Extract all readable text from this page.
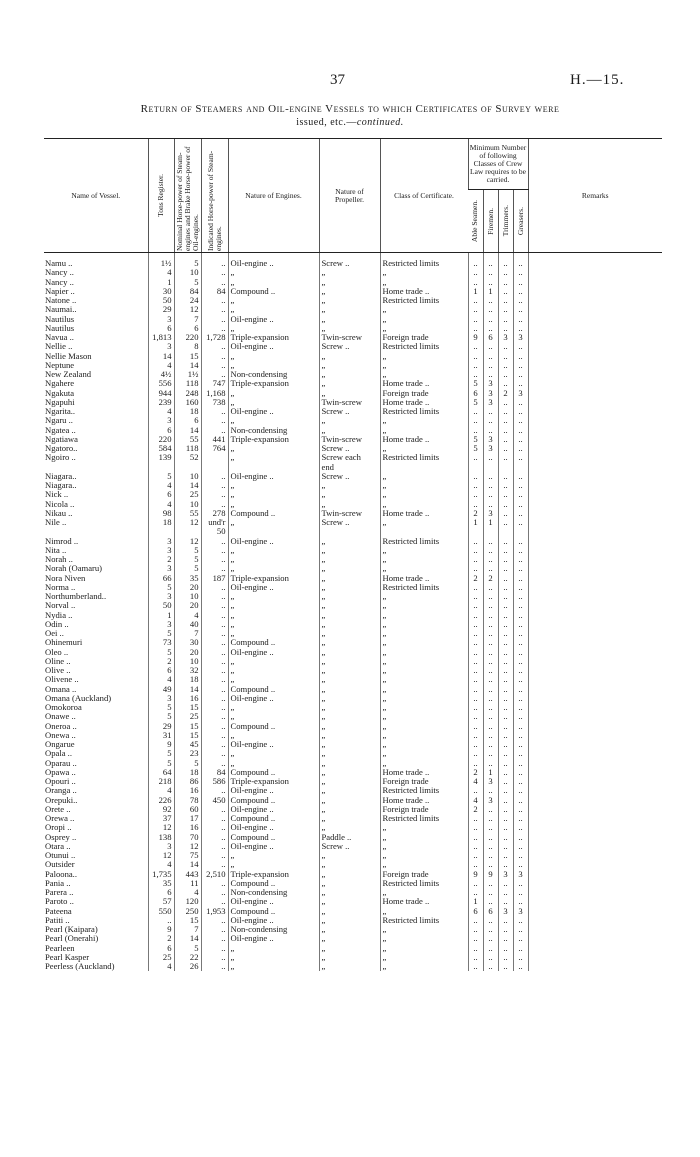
37	H.—15.
Return of Steamers and Oil-engine Vessels to which Certificates of Survey were
issued, etc.—continued.
Name of Vessel.	Tons Register.	Nominal Horse-power of Steam-engines and Brake Horse-power of Oil-engines.	Indicated Horse-power of Steam-engines.	Nature of Engines.	Nature of Propeller.	Class of Certificate.	Minimum Number of following Classes of Crew Law requires to be carried.				Remarks

							Able Seamen.	Firemen.	Trimmers.	Greasers.	

Namu ..	1½	5	..	Oil-engine ..	Screw ..	Restricted limits	..	..	..	..	
Nancy ..	4	10	..	„	„	„	..	..	..	..	
Nancy ..	1	5	..	„	„	„	..	..	..	..	
Napier ..	30	84	84	Compound ..	„	Home trade ..	1	1	..	..	
Natone ..	50	24	..	„	„	Restricted limits	..	..	..	..	
Naumai..	29	12	..	„	„	„	..	..	..	..	
Nautilus	3	7	..	Oil-engine ..	„	„	..	..	..	..	
Nautilus	6	6	..	„	„	„	..	..	..	..	
Navua ..	1,813	220	1,728	Triple-expansion	Twin-screw	Foreign trade	9	6	3	3	
Nellie ..	3	8	..	Oil-engine ..	Screw ..	Restricted limits	..	..	..	..	
Nellie Mason	14	15	..	„	„	„	..	..	..	..	
Neptune	4	14	..	„	„	„	..	..	..	..	
New Zealand	4½	1½	..	Non-condensing	„	„	..	..	..	..	
Ngahere	556	118	747	Triple-expansion	„	Home trade ..	5	3	..	..	
Ngakuta	944	248	1,168	„	„	Foreign trade	6	3	2	3	
Ngapuhi	239	160	738	„	Twin-screw	Home trade ..	5	3	..	..	
Ngarita..	4	18	..	Oil-engine ..	Screw ..	Restricted limits	..	..	..	..	
Ngaru ..	3	6	..	„	„	„	..	..	..	..	
Ngatea ..	6	14	..	Non-condensing	„	„	..	..	..	..	
Ngatiawa	220	55	441	Triple-expansion	Twin-screw	Home trade ..	5	3	..	..	
Ngatoro..	584	118	764	„	Screw ..	„	5	3	..	..	
Ngoiro ..	139	52		„	Screw each	Restricted limits	..	..	..	..	
					end						
Niagara..	5	10	..	Oil-engine ..	Screw ..	„	..	..	..	..	
Niagara..	4	14	..	„	„	„	..	..	..	..	
Nick ..	6	25	..	„	„	„	..	..	..	..	
Nicola ..	4	10	..	„	„	„	..	..	..	..	
Nikau ..	98	55	278	Compound ..	Twin-screw	Home trade ..	2	3	..	..	
Nile ..	18	12	und'r	„	Screw ..	„	1	1	..	..	
			50								
Nimrod ..	3	12	..	Oil-engine ..	„	Restricted limits	..	..	..	..	
Nita ..	3	5	..	„	„	„	..	..	..	..	
Norah ..	2	5	..	„	„	„	..	..	..	..	
Norah (Oamaru)	3	5	..	„	„	„	..	..	..	..	
Nora Niven	66	35	187	Triple-expansion	„	Home trade ..	2	2	..	..	
Norma ..	5	20	..	Oil-engine ..	„	Restricted limits	..	..	..	..	
Northumberland..	3	10	..	„	„	„	..	..	..	..	
Norval ..	50	20	..	„	„	„	..	..	..	..	
Nydia ..	1	4	..	„	„	„	..	..	..	..	
Odin ..	3	40	..	„	„	„	..	..	..	..	
Oei ..	5	7	..	„	„	„	..	..	..	..	
Ohinemuri	73	30	..	Compound ..	„	„	..	..	..	..	
Oleo ..	5	20	..	Oil-engine ..	„	„	..	..	..	..	
Oline ..	2	10	..	„	„	„	..	..	..	..	
Olive ..	6	32	..	„	„	„	..	..	..	..	
Olivene ..	4	18	..	„	„	„	..	..	..	..	
Omana ..	49	14	..	Compound ..	„	„	..	..	..	..	
Omana (Auckland)	3	16	..	Oil-engine ..	„	„	..	..	..	..	
Omokoroa	5	15	..	„	„	„	..	..	..	..	
Onawe ..	5	25	..	„	„	„	..	..	..	..	
Oneroa ..	29	15	..	Compound ..	„	„	..	..	..	..	
Onewa ..	31	15	..	„	„	„	..	..	..	..	
Ongarue	9	45	..	Oil-engine ..	„	„	..	..	..	..	
Opala ..	5	23	..	„	„	„	..	..	..	..	
Oparau ..	5	5	..	„	„	„	..	..	..	..	
Opawa ..	64	18	84	Compound ..	„	Home trade ..	2	1	..	..	
Opouri ..	218	86	586	Triple-expansion	„	Foreign trade	4	3	..	..	
Oranga ..	4	16	..	Oil-engine ..	„	Restricted limits	..	..	..	..	
Orepuki..	226	78	450	Compound ..	„	Home trade ..	4	3	..	..	
Orete ..	92	60	..	Oil-engine ..	„	Foreign trade	2	..	..	..	
Orewa ..	37	17	..	Compound ..	„	Restricted limits	..	..	..	..	
Oropi ..	12	16	..	Oil-engine ..	„	„	..	..	..	..	
Osprey ..	138	70	..	Compound ..	Paddle ..	„	..	..	..	..	
Otara ..	3	12	..	Oil-engine ..	Screw ..	„	..	..	..	..	
Otunui ..	12	75	..	„	„	„	..	..	..	..	
Outsider	4	14	..	„	„	„	..	..	..	..	
Paloona..	1,735	443	2,510	Triple-expansion	„	Foreign trade	9	9	3	3	
Pania ..	35	11	..	Compound ..	„	Restricted limits	..	..	..	..	
Parera ..	6	4	..	Non-condensing	„	„	..	..	..	..	
Paroto ..	57	120	..	Oil-engine ..	„	Home trade ..	1	..	..	..	
Pateena	550	250	1,953	Compound ..	„	„	6	6	3	3	
Patiti ..	..	15	..	Oil-engine ..	„	Restricted limits	..	..	..	..	
Pearl (Kaipara)	9	7	..	Non-condensing	„	„	..	..	..	..	
Pearl (Onerahi)	2	14	..	Oil-engine ..	„	„	..	..	..	..	
Pearleen	6	5	..	„	„	„	..	..	..	..	
Pearl Kasper	25	22	..	„	„	„	..	..	..	..	
Peerless (Auckland)	4	26	..	„	„	„	..	..	..	..	
